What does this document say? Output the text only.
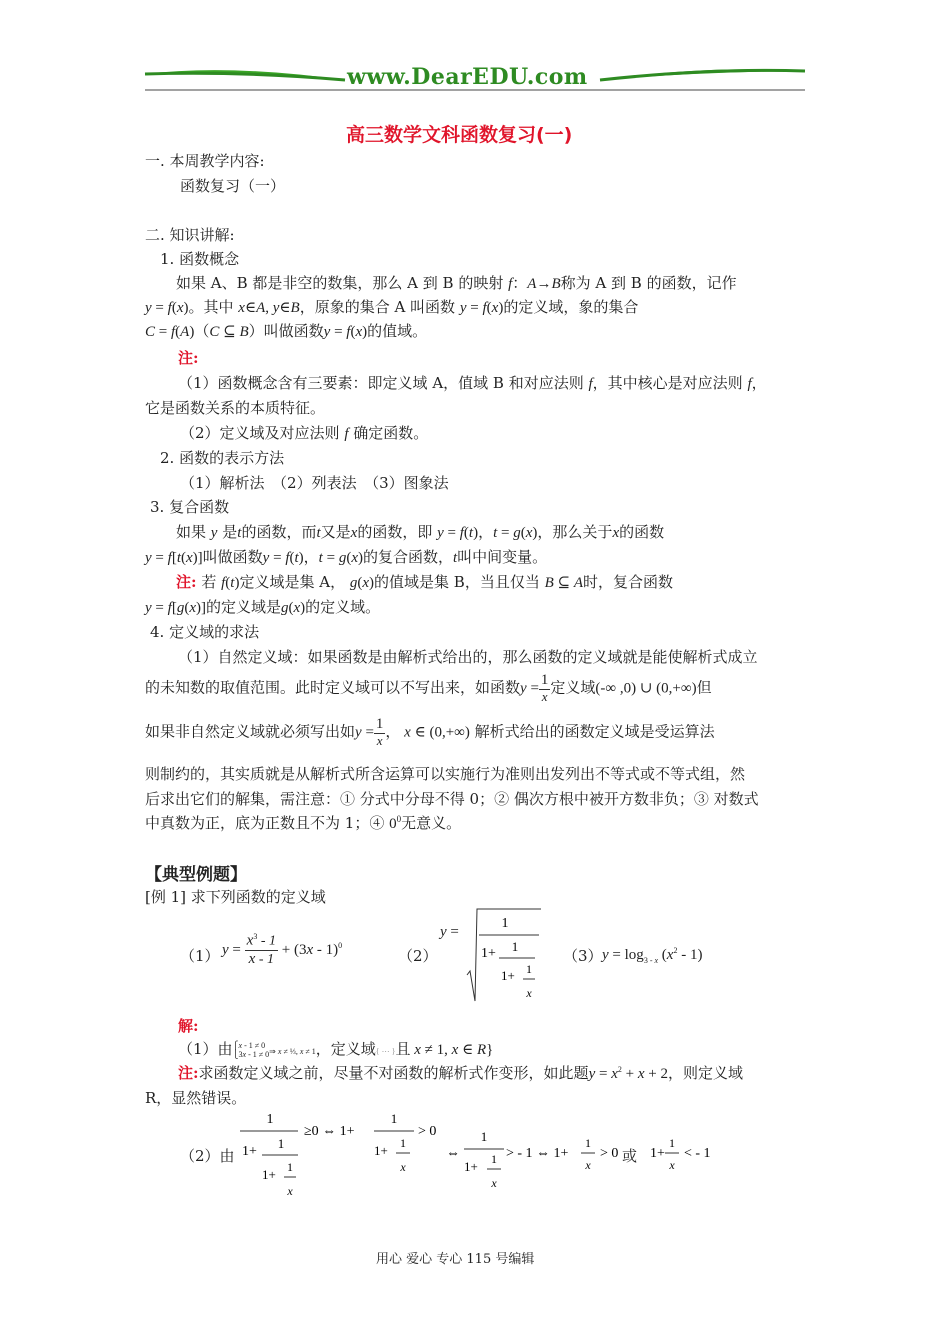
www.DearEDU.com
高三数学文科函数复习(一)
一. 本周教学内容:
函数复习（一）
二. 知识讲解:
1. 函数概念
如果 A、B 都是非空的数集，那么 A 到 B 的映射 f：A→B称为 A 到 B 的函数，记作
y = f(x)。其中 x∈A, y∈B，原象的集合 A 叫函数 y = f(x)的定义域，象的集合
C = f(A)（C ⊆ B）叫做函数y = f(x)的值域。
注:
（1）函数概念含有三要素：即定义域 A，值域 B 和对应法则 f，其中核心是对应法则 f，
它是函数关系的本质特征。
（2）定义域及对应法则 f 确定函数。
2. 函数的表示方法
（1）解析法　（2）列表法　（3）图象法
3. 复合函数
如果 y 是t的函数，而t又是x的函数，即 y = f(t)，t = g(x)，那么关于x的函数
y = f[t(x)]叫做函数y = f(t)，t = g(x)的复合函数，t叫中间变量。
注: 若 f(t)定义域是集 A， g(x)的值域是集 B，当且仅当 B ⊆ A时，复合函数
y = f[g(x)]的定义域是g(x)的定义域。
4. 定义域的求法
（1）自然定义域：如果函数是由解析式给出的，那么函数的定义域就是能使解析式成立
的未知数的取值范围。此时定义域可以不写出来，如函数$y = \frac{1}{x}$ 定义域(-∞ ,0) ∪ (0,+∞)但
如果非自然定义域就必须写出如$y = \frac{1}{x}$ ， x ∈ (0,+∞) 解析式给出的函数定义域是受运算法
则制约的，其实质就是从解析式所含运算可以实施行为准则出发列出不等式或不等式组，然
后求出它们的解集，需注意：① 分式中分母不得 0；② 偶次方根中被开方数非负；③ 对数式
中真数为正，底为正数且不为 1；④ $0^0$无意义。
【典型例题】
[例 1] 求下列函数的定义域
（1） $y = \frac{x^3 - 1}{x - 1} + (3x - 1)^0$
（2）
y =
1
1+ 1
1+ 1
x
（3） $y = \log_{3 - x} (x^2 - 1)$
解:
（1）由⎧x - 1 ≠ 0
⎩3x - 1 ≠ 0⇒ x ≠ ⅓, x ≠ 1，定义域{ ⋯ }且 x ≠ 1, x ∈ R}
注:求函数定义域之前，尽量不对函数的解析式作变形，如此题$y = x^2 + x + 2$，则定义域
R，显然错误。
（2）由
1
1+
1
1+ 1
x
≥0 ⇔ 1+
1
1+ 1
x
> 0
⇔
1
1+ 1
x
> - 1 ⇔ 1+
1
x
> 0 1+
1
x
< - 1
或
用心 爱心 专心 115 号编辑
